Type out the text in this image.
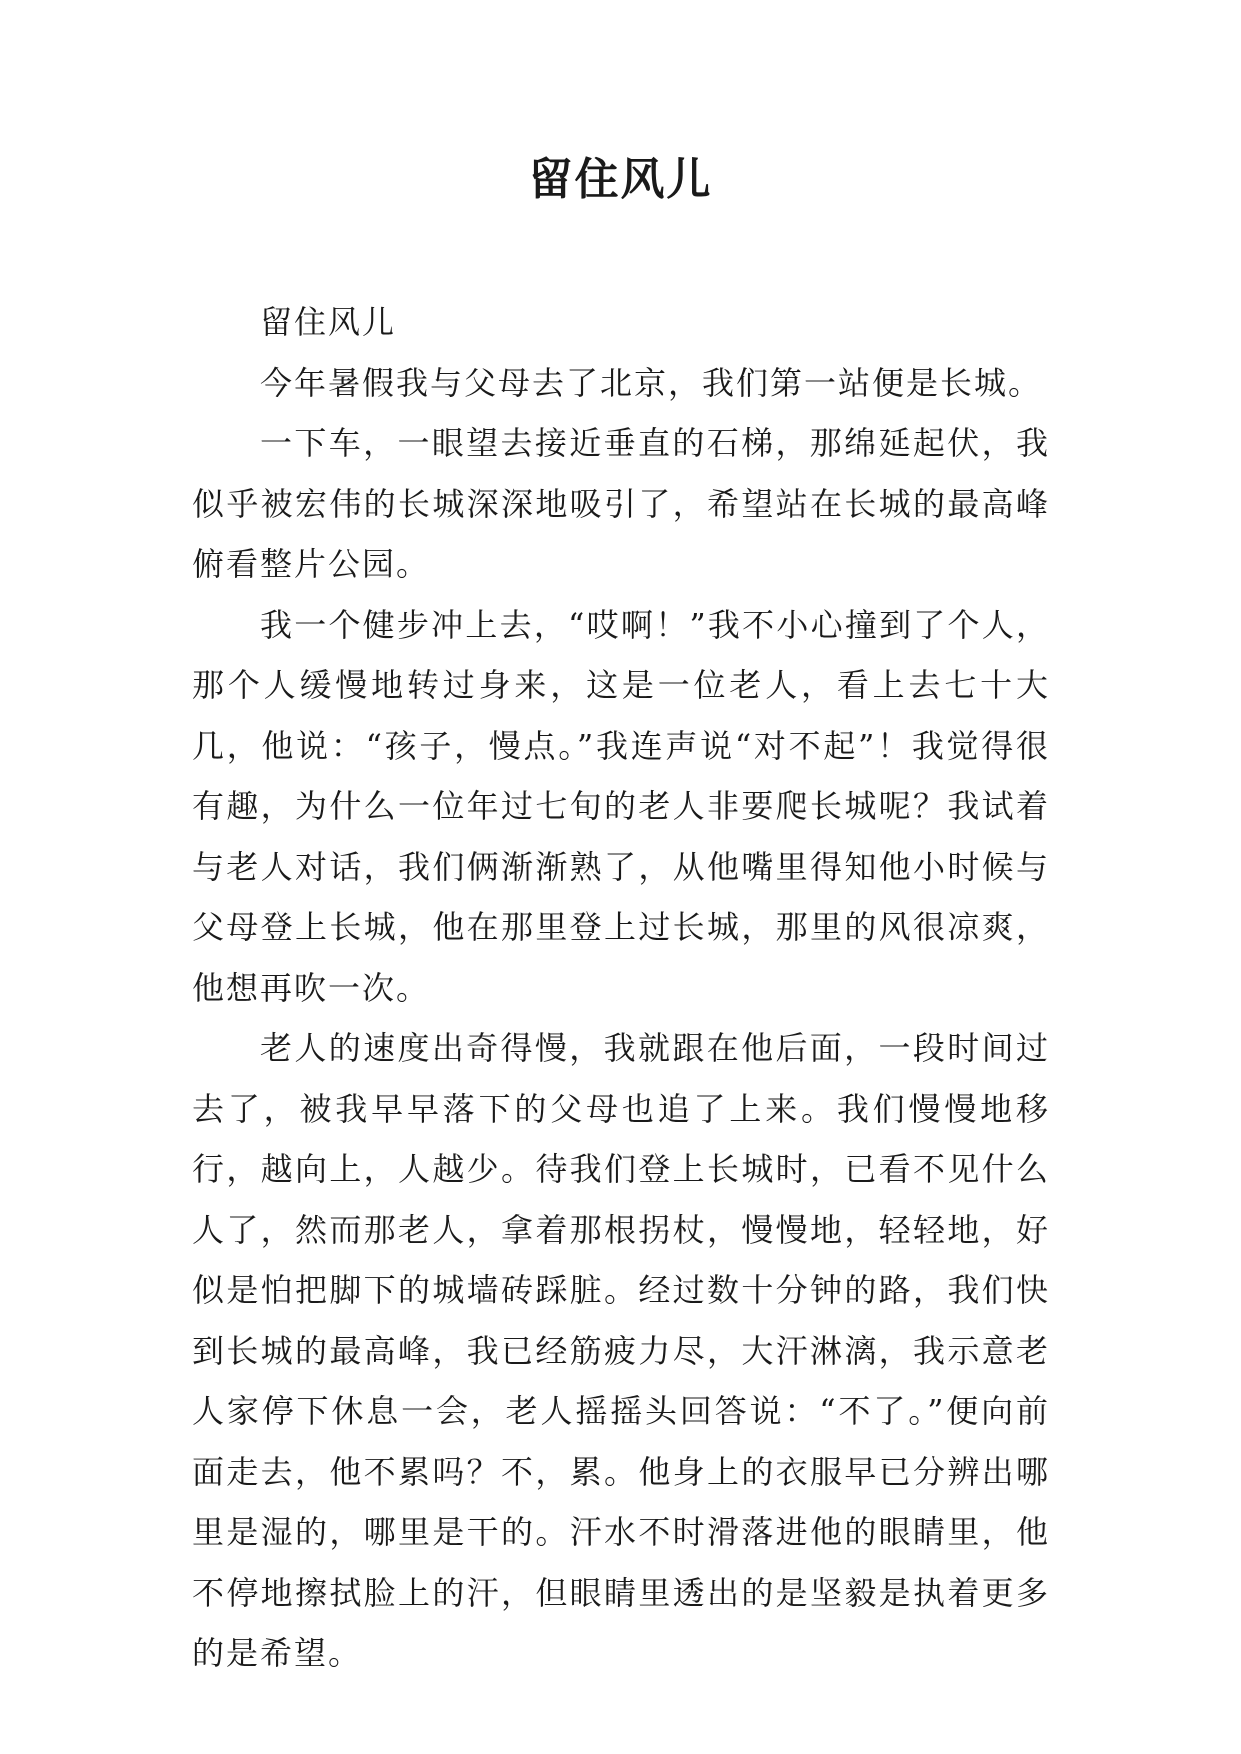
留住风儿

留住风儿

今年暑假我与父母去了北京，我们第一站便是长城。

一下车，一眼望去接近垂直的石梯，那绵延起伏，我似乎被宏伟的长城深深地吸引了，希望站在长城的最高峰俯看整片公园。

我一个健步冲上去，“哎啊！”我不小心撞到了个人，那个人缓慢地转过身来，这是一位老人，看上去七十大几，他说：“孩子，慢点。”我连声说“对不起”！我觉得很有趣，为什么一位年过七旬的老人非要爬长城呢？我试着与老人对话，我们俩渐渐熟了，从他嘴里得知他小时候与父母登上长城，他在那里登上过长城，那里的风很凉爽，他想再吹一次。

老人的速度出奇得慢，我就跟在他后面，一段时间过去了，被我早早落下的父母也追了上来。我们慢慢地移行，越向上，人越少。待我们登上长城时，已看不见什么人了，然而那老人，拿着那根拐杖，慢慢地，轻轻地，好似是怕把脚下的城墙砖踩脏。经过数十分钟的路，我们快到长城的最高峰，我已经筋疲力尽，大汗淋漓，我示意老人家停下休息一会，老人摇摇头回答说：“不了。”便向前面走去，他不累吗？不，累。他身上的衣服早已分辨出哪里是湿的，哪里是干的。汗水不时滑落进他的眼睛里，他不停地擦拭脸上的汗，但眼睛里透出的是坚毅是执着更多的是希望。
